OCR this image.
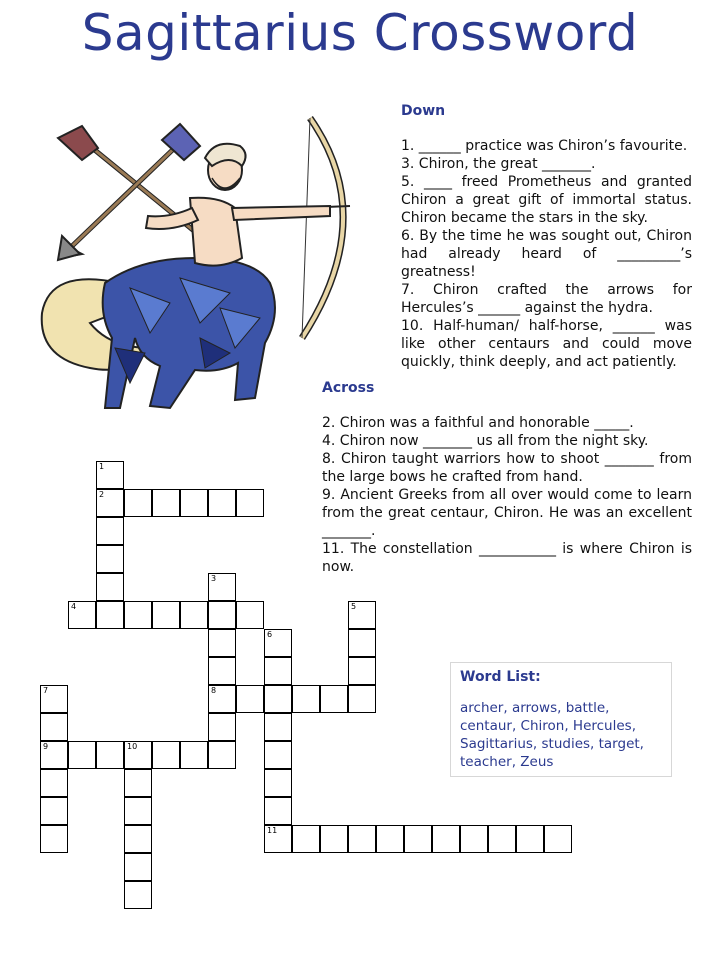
Sagittarius Crossword
Down

1. ______ practice was Chiron’s favourite.

3. Chiron, the great _______.

5. ____ freed Prometheus and granted Chiron a great gift of immortal status. Chiron became the stars in the sky.

6. By the time he was sought out, Chiron had already heard of _________’s greatness!

7. Chiron crafted the arrows for Hercules’s ______ against the hydra.

10. Half-human/ half-horse, ______ was like other centaurs and could move quickly, think deeply, and act patiently.

Across

2. Chiron was a faithful and honorable _____.

4. Chiron now _______ us all from the night sky.

8. Chiron taught warriors how to shoot _______ from the large bows he crafted from hand.

9. Ancient Greeks from all over would come to learn from the great centaur, Chiron. He was an excellent _______.

11. The constellation ___________ is where Chiron is now.

1
2
3
8
4	5
6
11
7
9	10
Word List:
archer, arrows, battle, centaur, Chiron, Hercules, Sagittarius, studies, target, teacher, Zeus
